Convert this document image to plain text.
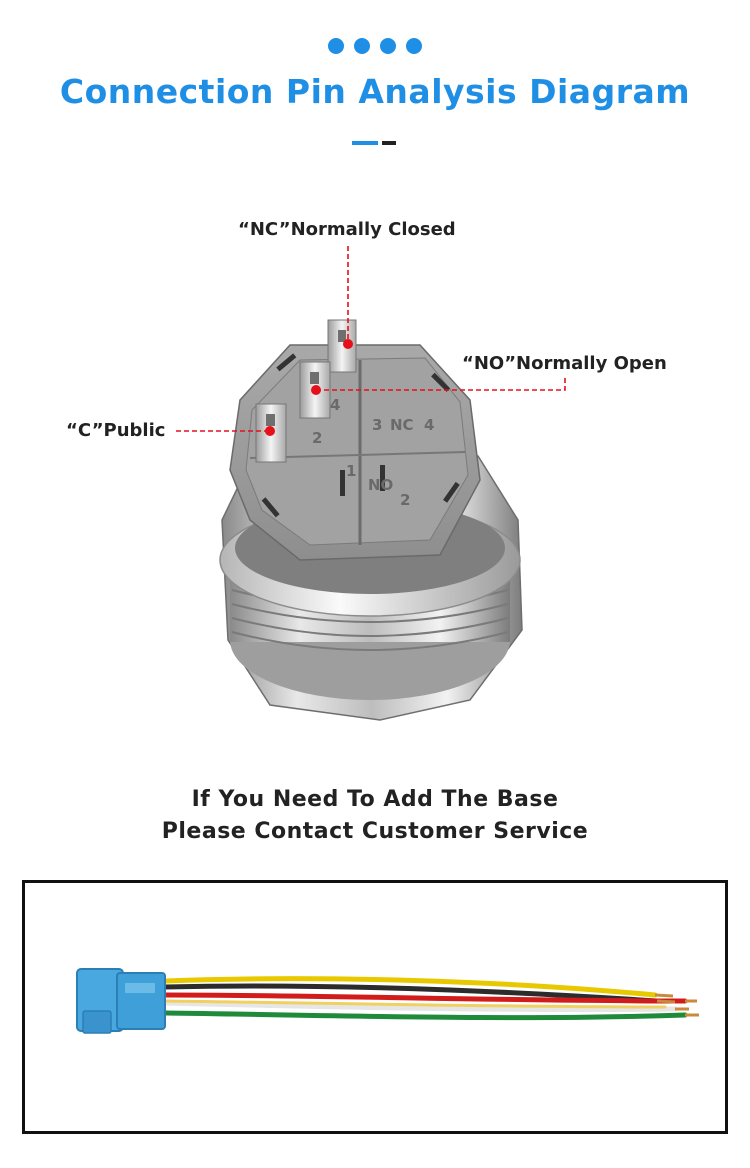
Connection Pin Analysis Diagram
4
2
3 NC 4
1
NO
2
“NC”Normally Closed
“NO”Normally Open
“C”Public
If You Need To Add The Base
Please Contact Customer Service
